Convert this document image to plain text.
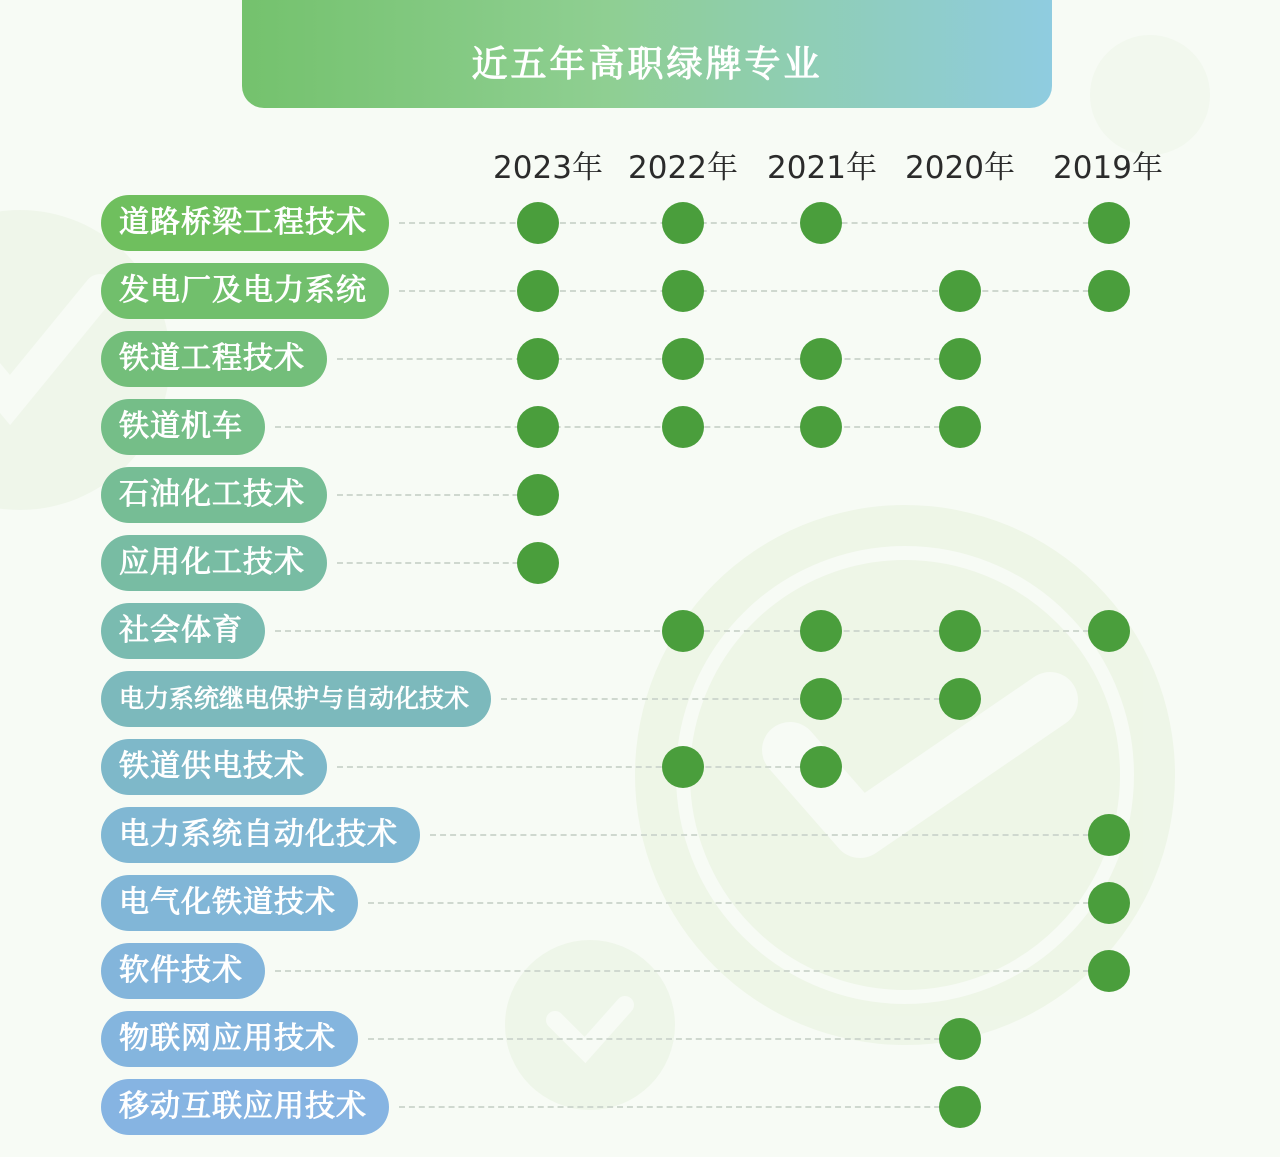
近五年高职绿牌专业
2023年 2022年 2021年 2020年	2019年
道路桥梁工程技术
发电厂及电力系统
铁道工程技术
铁道机车
石油化工技术
应用化工技术
社会体育
电力系统继电保护与自动化技术
铁道供电技术
电力系统自动化技术
电气化铁道技术
软件技术
物联网应用技术
移动互联应用技术
